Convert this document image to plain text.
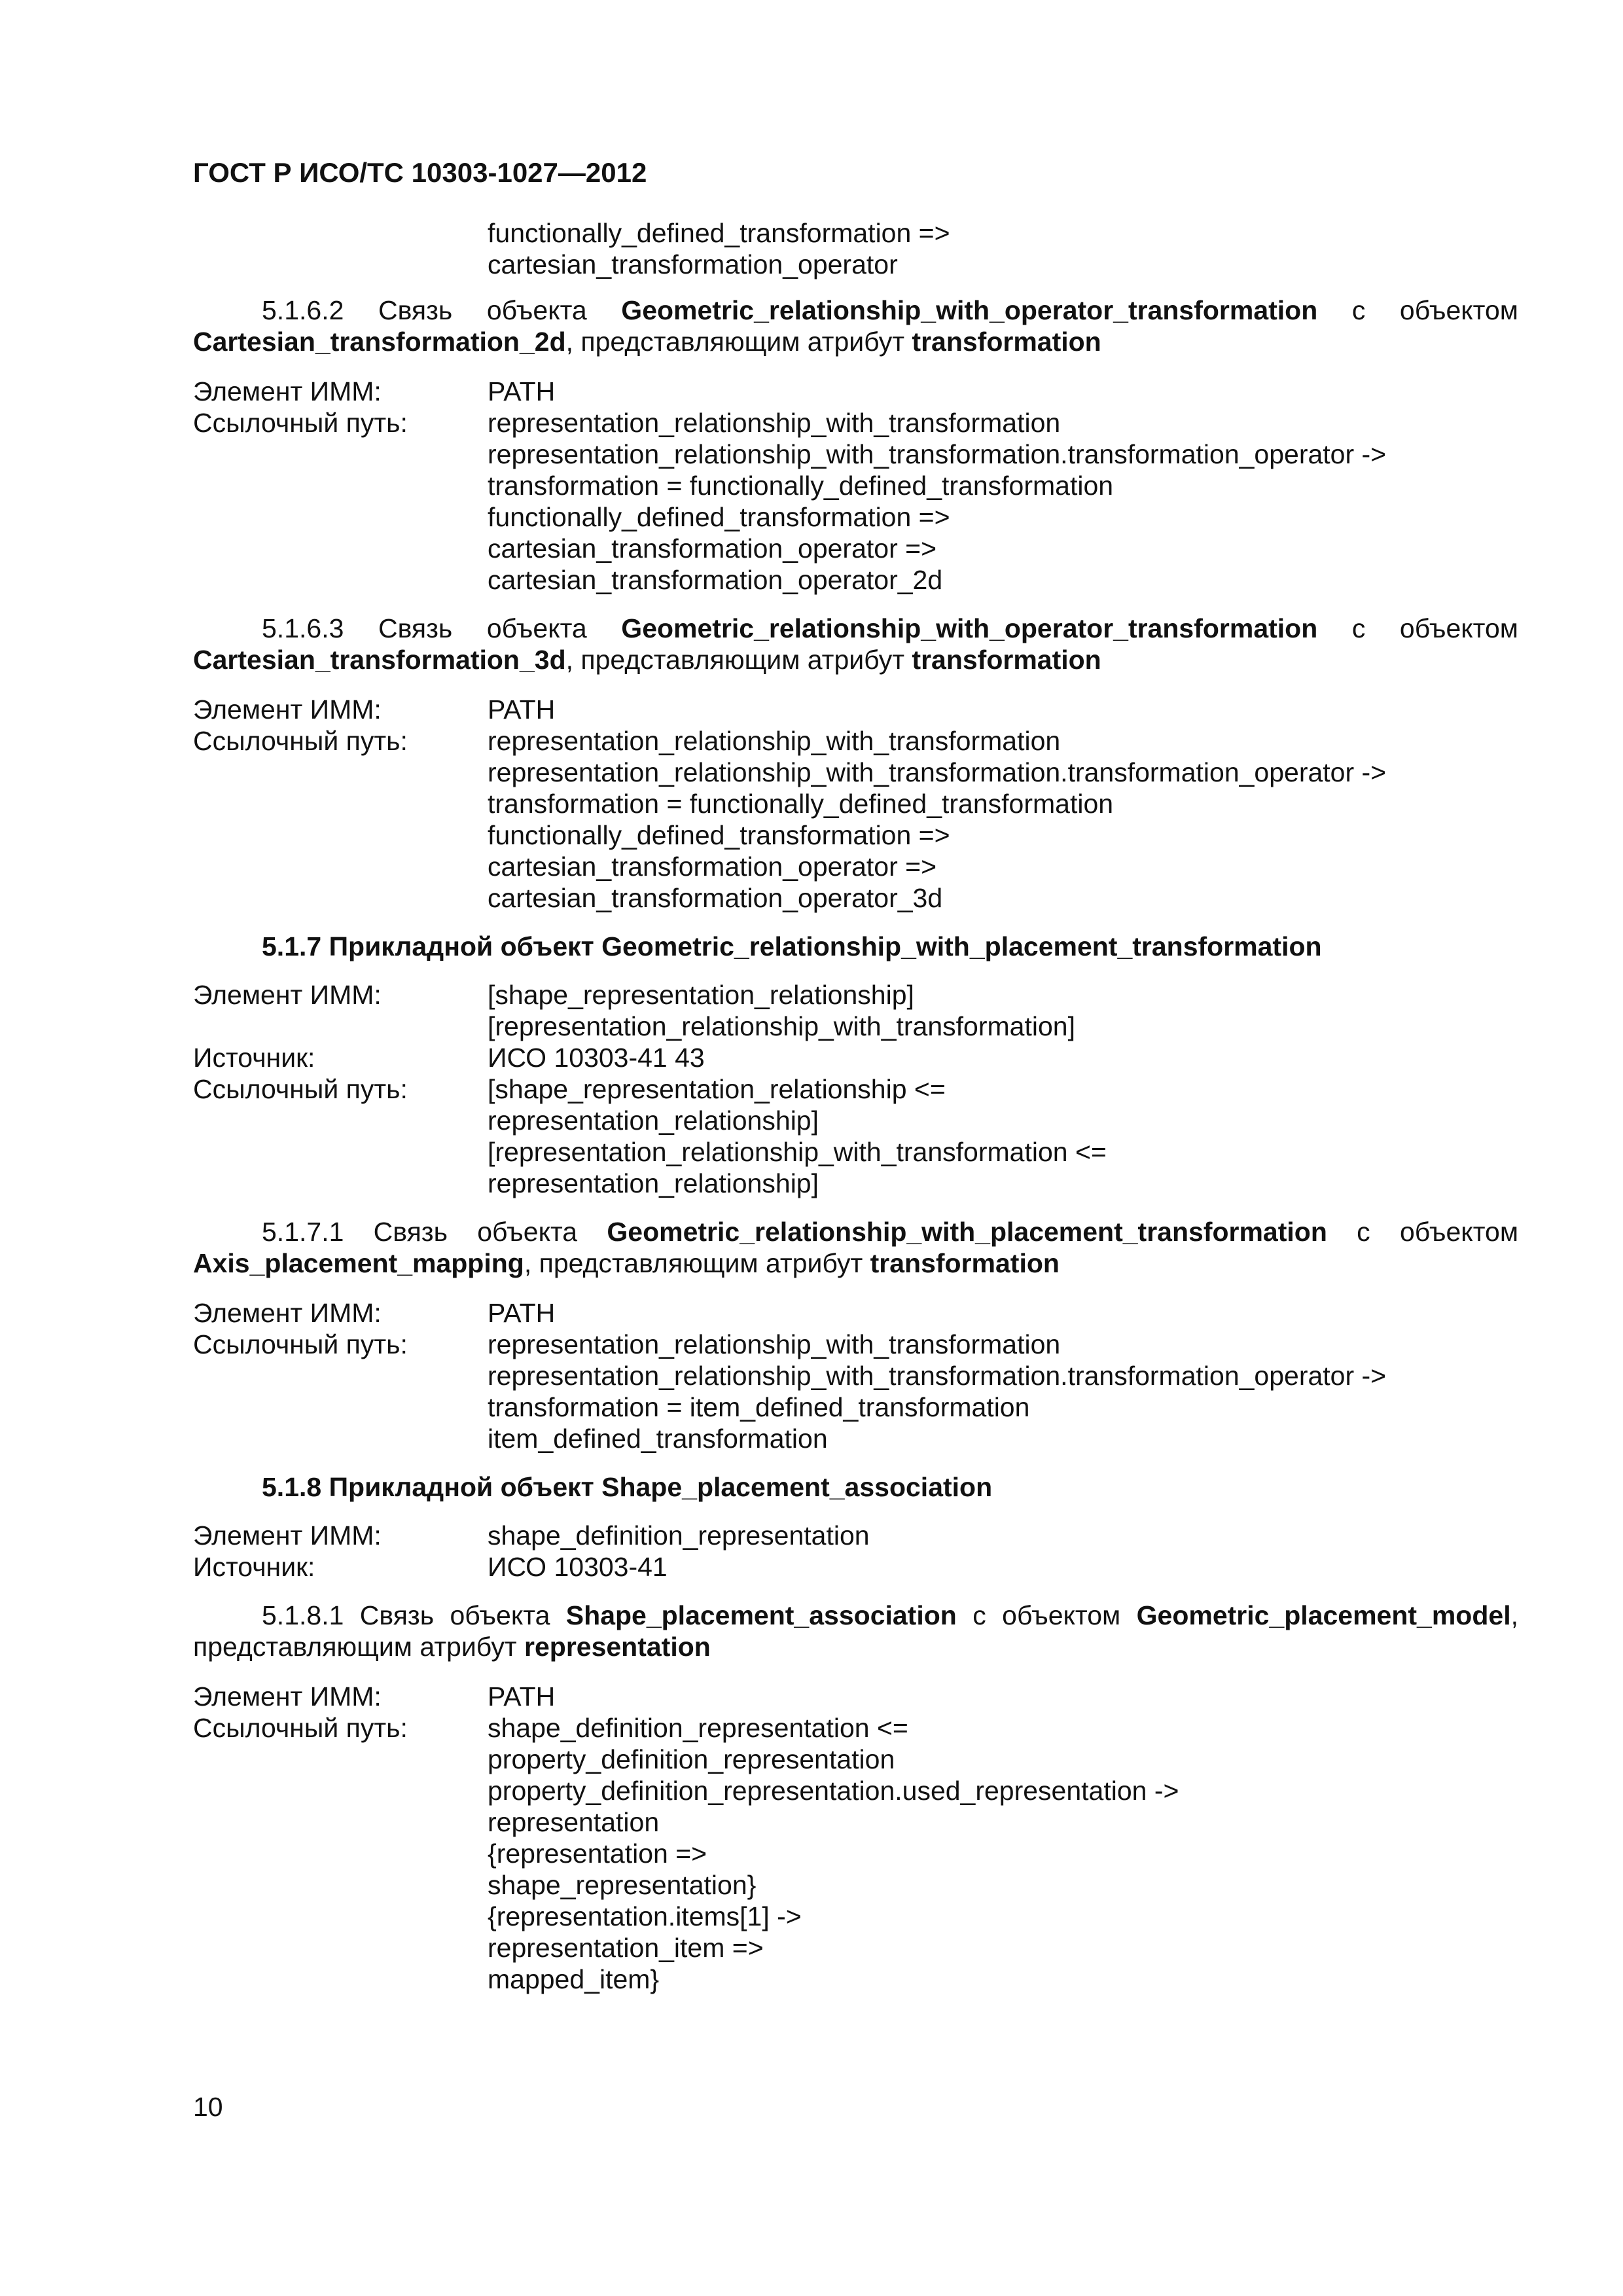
ГОСТ Р ИСО/ТС 10303-1027—2012
functionally_defined_transformation =>
cartesian_transformation_operator
5.1.6.2 Связь объекта Geometric_relationship_with_operator_transformation с объектом Cartesian_transformation_2d, представляющим атрибут transformation
Элемент ИММ:	PATH
Ссылочный путь:	representation_relationship_with_transformation
representation_relationship_with_transformation.transformation_operator ->
transformation = functionally_defined_transformation
functionally_defined_transformation =>
cartesian_transformation_operator =>
cartesian_transformation_operator_2d
5.1.6.3 Связь объекта Geometric_relationship_with_operator_transformation с объектом Cartesian_transformation_3d, представляющим атрибут transformation
Элемент ИММ:	PATH
Ссылочный путь:	representation_relationship_with_transformation
representation_relationship_with_transformation.transformation_operator ->
transformation = functionally_defined_transformation
functionally_defined_transformation =>
cartesian_transformation_operator =>
cartesian_transformation_operator_3d
5.1.7 Прикладной объект Geometric_relationship_with_placement_transformation
Элемент ИММ:	[shape_representation_relationship]
[representation_relationship_with_transformation]
Источник:	ИСО 10303-41 43
Ссылочный путь:	[shape_representation_relationship <=
representation_relationship]
[representation_relationship_with_transformation <=
representation_relationship]
5.1.7.1 Связь объекта Geometric_relationship_with_placement_transformation с объектом Axis_placement_mapping, представляющим атрибут transformation
Элемент ИММ:	PATH
Ссылочный путь:	representation_relationship_with_transformation
representation_relationship_with_transformation.transformation_operator ->
transformation = item_defined_transformation
item_defined_transformation
5.1.8 Прикладной объект Shape_placement_association
Элемент ИММ:	shape_definition_representation
Источник:	ИСО 10303-41
5.1.8.1 Связь объекта Shape_placement_association с объектом Geometric_placement_model, представляющим атрибут representation
Элемент ИММ:	PATH
Ссылочный путь:	shape_definition_representation <=
property_definition_representation
property_definition_representation.used_representation ->
representation
{representation =>
shape_representation}
{representation.items[1] ->
representation_item =>
mapped_item}
10
